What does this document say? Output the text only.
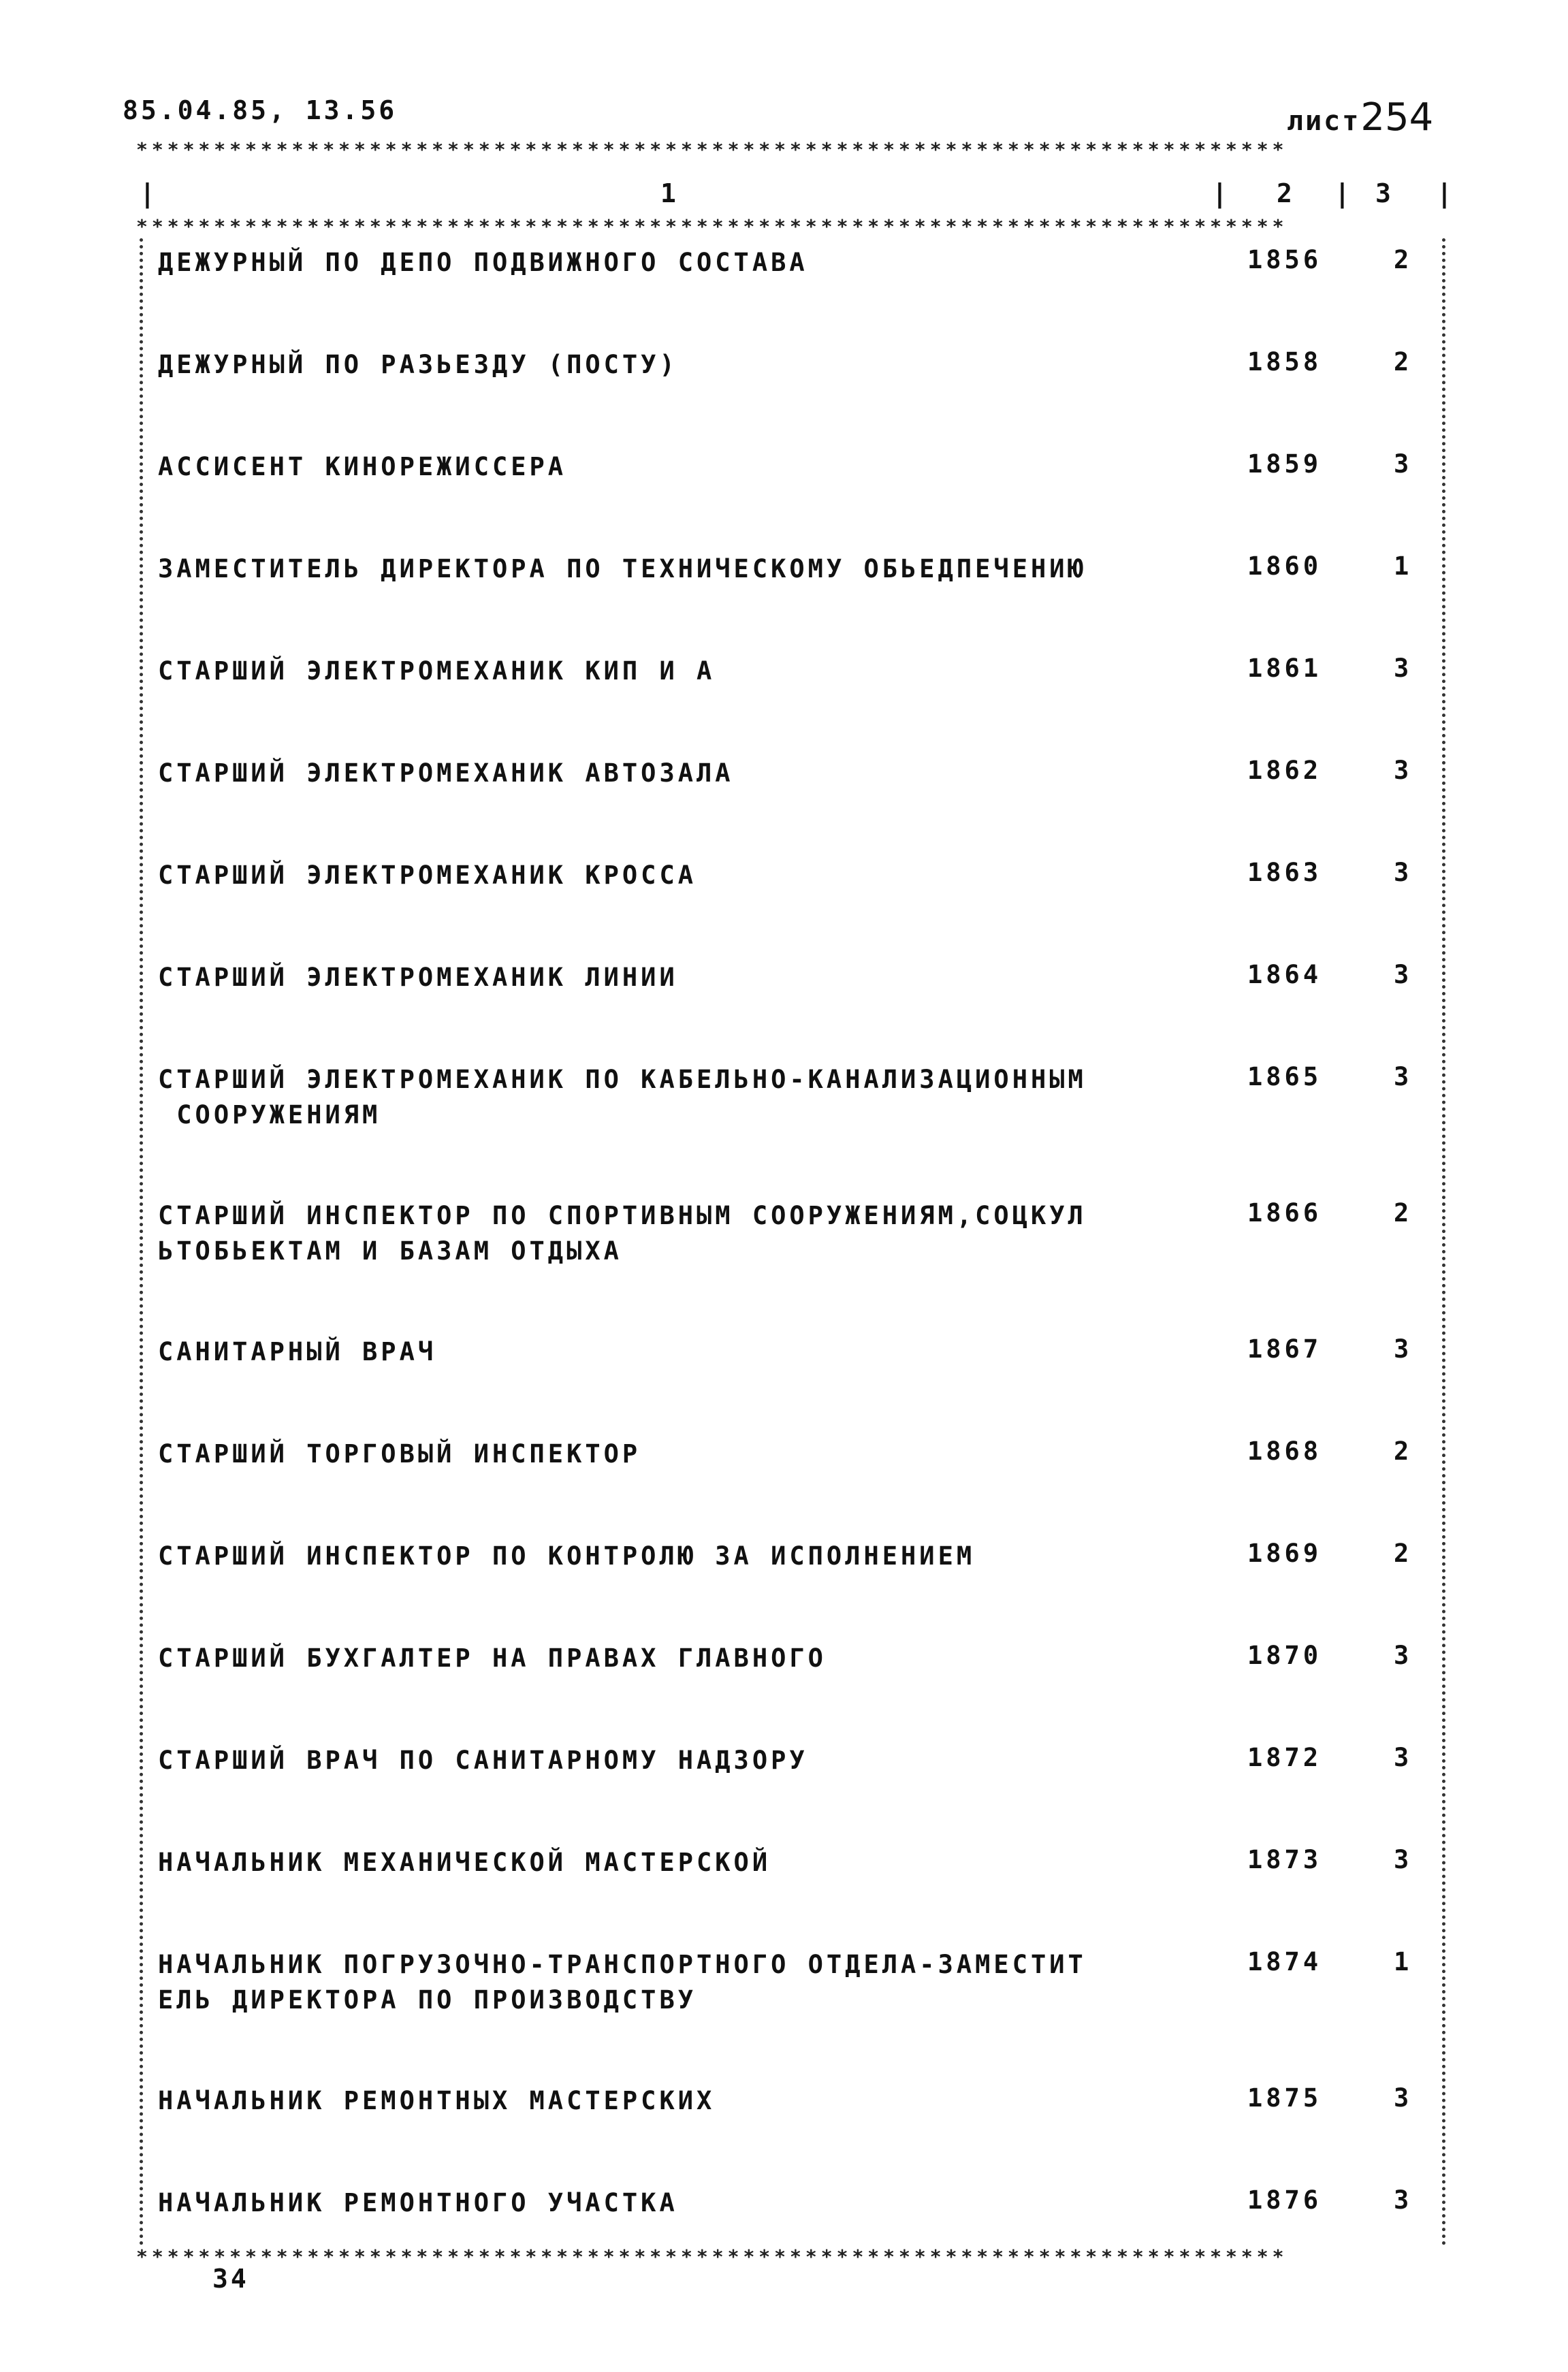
85.04.85, 13.56	лист254
**************************************************************************
1	2	3
|	|	|	|
**************************************************************************
ДЕЖУРНЫЙ ПО ДЕПО ПОДВИЖНОГО СОСТАВА	1856	2
ДЕЖУРНЫЙ ПО РАЗЬЕЗДУ (ПОСТУ)	1858	2
АССИСЕНТ КИНОРЕЖИССЕРА	1859	3
ЗАМЕСТИТЕЛЬ ДИРЕКТОРА ПО ТЕХНИЧЕСКОМУ ОБЬЕДПЕЧЕНИЮ	1860	1
СТАРШИЙ ЭЛЕКТРОМЕХАНИК КИП И А	1861	3
СТАРШИЙ ЭЛЕКТРОМЕХАНИК АВТОЗАЛА	1862	3
СТАРШИЙ ЭЛЕКТРОМЕХАНИК КРОССА	1863	3
СТАРШИЙ ЭЛЕКТРОМЕХАНИК ЛИНИИ	1864	3
СТАРШИЙ ЭЛЕКТРОМЕХАНИК ПО КАБЕЛЬНО-КАНАЛИЗАЦИОННЫМ
СООРУЖЕНИЯМ
1865	3
СТАРШИЙ ИНСПЕКТОР ПО СПОРТИВНЫМ СООРУЖЕНИЯМ,СОЦКУЛ
ЬТОБЬЕКТАМ И БАЗАМ ОТДЫХА
1866	2
САНИТАРНЫЙ ВРАЧ	1867	3
СТАРШИЙ ТОРГОВЫЙ ИНСПЕКТОР	1868	2
СТАРШИЙ ИНСПЕКТОР ПО КОНТРОЛЮ ЗА ИСПОЛНЕНИЕМ	1869	2
СТАРШИЙ БУХГАЛТЕР НА ПРАВАХ ГЛАВНОГО	1870	3
СТАРШИЙ ВРАЧ ПО САНИТАРНОМУ НАДЗОРУ	1872	3
НАЧАЛЬНИК МЕХАНИЧЕСКОЙ МАСТЕРСКОЙ	1873	3
НАЧАЛЬНИК ПОГРУЗОЧНО-ТРАНСПОРТНОГО ОТДЕЛА-ЗАМЕСТИТ
ЕЛЬ ДИРЕКТОРА ПО ПРОИЗВОДСТВУ
1874	1
НАЧАЛЬНИК РЕМОНТНЫХ МАСТЕРСКИХ	1875	3
НАЧАЛЬНИК РЕМОНТНОГО УЧАСТКА	1876	3
**************************************************************************
34
